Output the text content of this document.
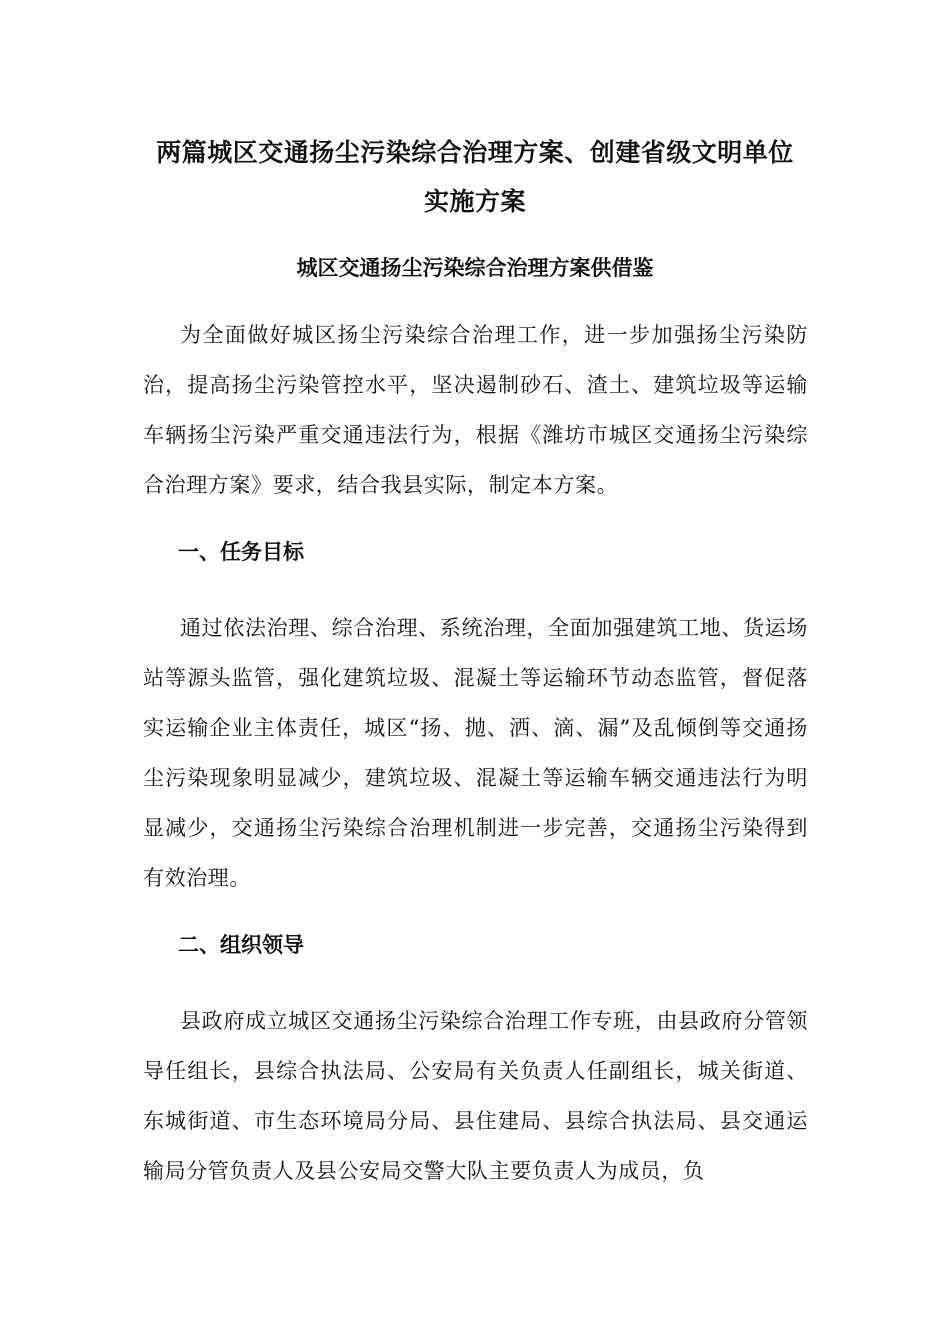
两篇城区交通扬尘污染综合治理方案、创建省级文明单位
实施方案
城区交通扬尘污染综合治理方案供借鉴

为全面做好城区扬尘污染综合治理工作，进一步加强扬尘污染防治，提高扬尘污染管控水平，坚决遏制砂石、渣土、建筑垃圾等运输车辆扬尘污染严重交通违法行为，根据《潍坊市城区交通扬尘污染综合治理方案》要求，结合我县实际，制定本方案。

一、任务目标

通过依法治理、综合治理、系统治理，全面加强建筑工地、货运场站等源头监管，强化建筑垃圾、混凝土等运输环节动态监管，督促落实运输企业主体责任，城区“扬、抛、洒、滴、漏”及乱倾倒等交通扬尘污染现象明显减少，建筑垃圾、混凝土等运输车辆交通违法行为明显减少，交通扬尘污染综合治理机制进一步完善，交通扬尘污染得到有效治理。

二、组织领导

县政府成立城区交通扬尘污染综合治理工作专班，由县政府分管领导任组长，县综合执法局、公安局有关负责人任副组长，城关街道、东城街道、市生态环境局分局、县住建局、县综合执法局、县交通运输局分管负责人及县公安局交警大队主要负责人为成员，负
